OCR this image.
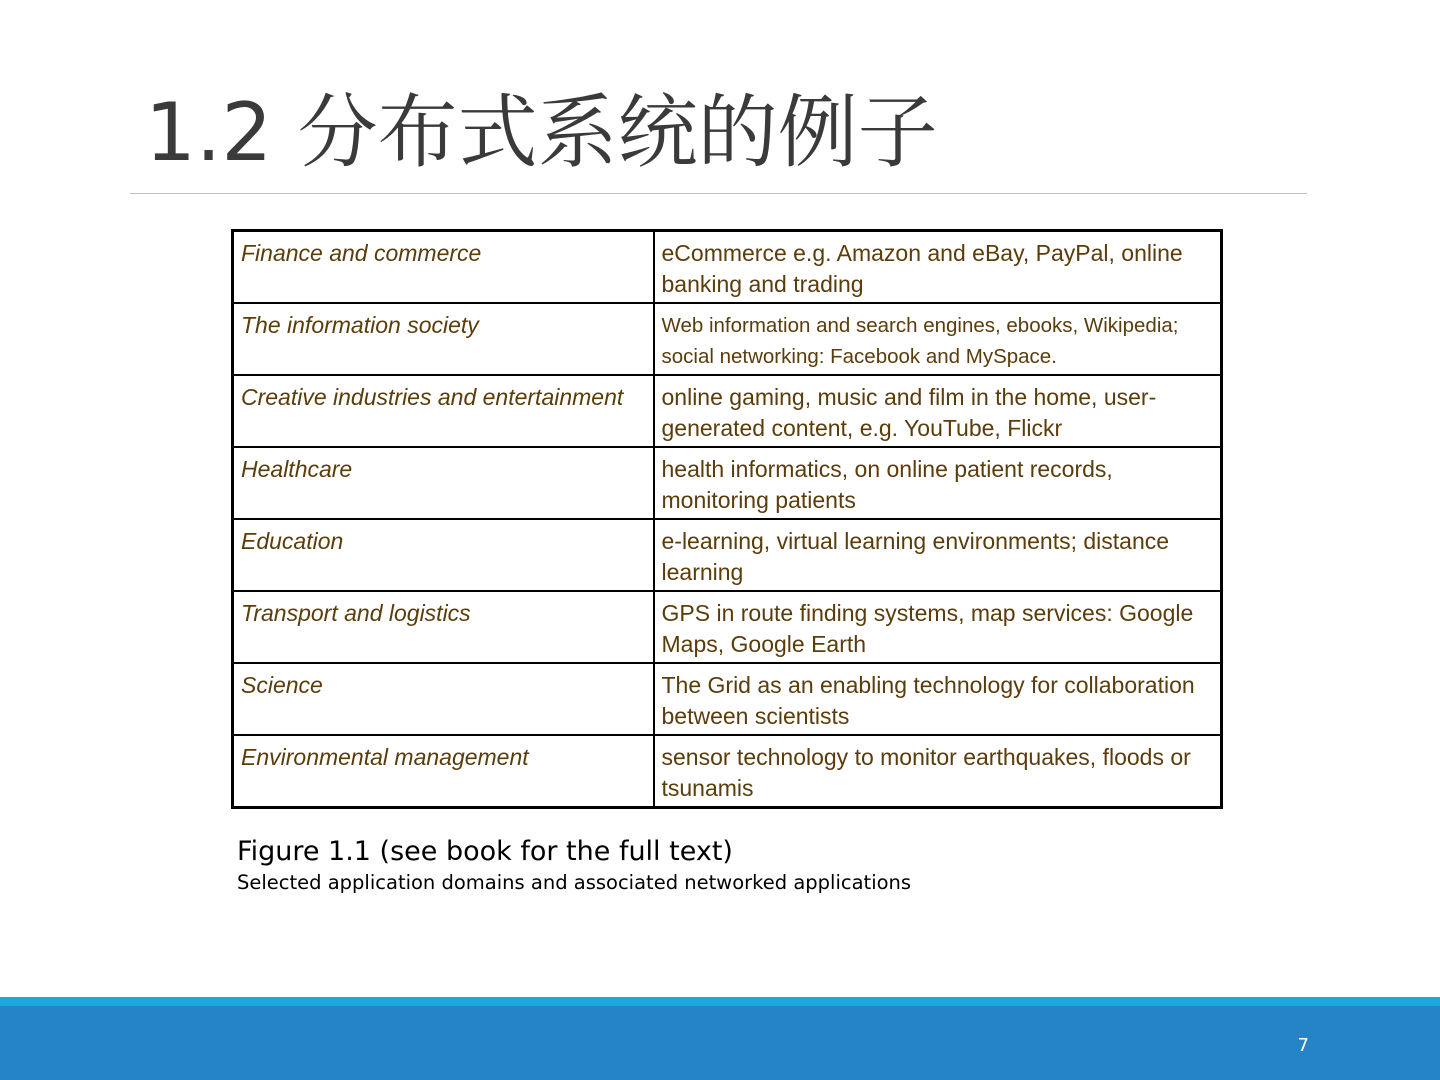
1.2 分布式系统的例子
Finance and commerce	eCommerce e.g. Amazon and eBay, PayPal, online banking and trading
The information society	Web information and search engines, ebooks, Wikipedia; social networking: Facebook and MySpace.
Creative industries and entertainment	online gaming, music and film in the home, user-generated content, e.g. YouTube, Flickr
Healthcare	health informatics, on online patient records, monitoring patients
Education	e-learning, virtual learning environments; distance learning
Transport and logistics	GPS in route finding systems, map services: Google Maps, Google Earth
Science	The Grid as an enabling technology for collaboration between scientists
Environmental management	sensor technology to monitor earthquakes, floods or tsunamis
Figure 1.1 (see book for the full text)
Selected application domains and associated networked applications
7
